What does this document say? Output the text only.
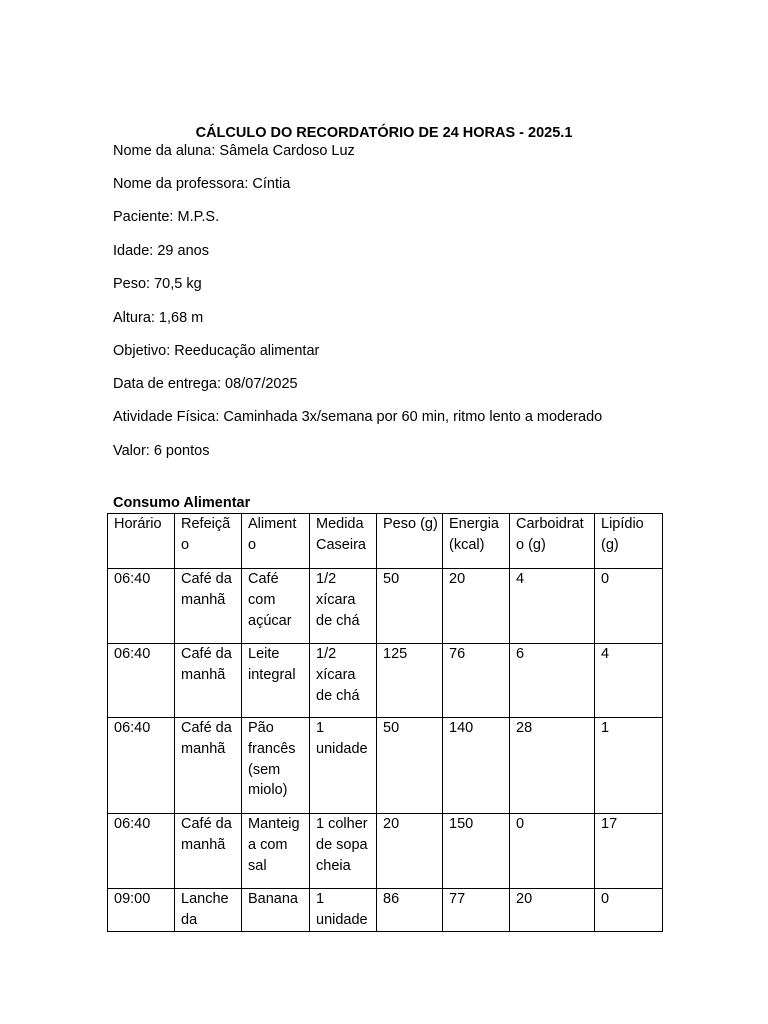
CÁLCULO DO RECORDATÓRIO DE 24 HORAS - 2025.1
Nome da aluna: Sâmela Cardoso Luz
Nome da professora: Cíntia
Paciente: M.P.S.
Idade: 29 anos
Peso: 70,5 kg
Altura: 1,68 m
Objetivo: Reeducação alimentar
Data de entrega: 08/07/2025
Atividade Física: Caminhada 3x/semana por 60 min, ritmo lento a moderado
Valor: 6 pontos
Consumo Alimentar
Horário	Refeiçã o	Aliment o	Medida Caseira	Peso (g)	Energia (kcal)	Carboidrat o (g)	Lipídio (g)

06:40	Café da manhã	Café com açúcar	1/2 xícara de chá	50	20	4	0

06:40	Café da manhã	Leite integral	1/2 xícara de chá	125	76	6	4

06:40	Café da manhã	Pão francês (sem miolo)	1 unidade	50	140	28	1

06:40	Café da manhã	Manteig a com sal	1 colher de sopa cheia	20	150	0	17

09:00	Lanche da	Banana	1 unidade	86	77	20	0
